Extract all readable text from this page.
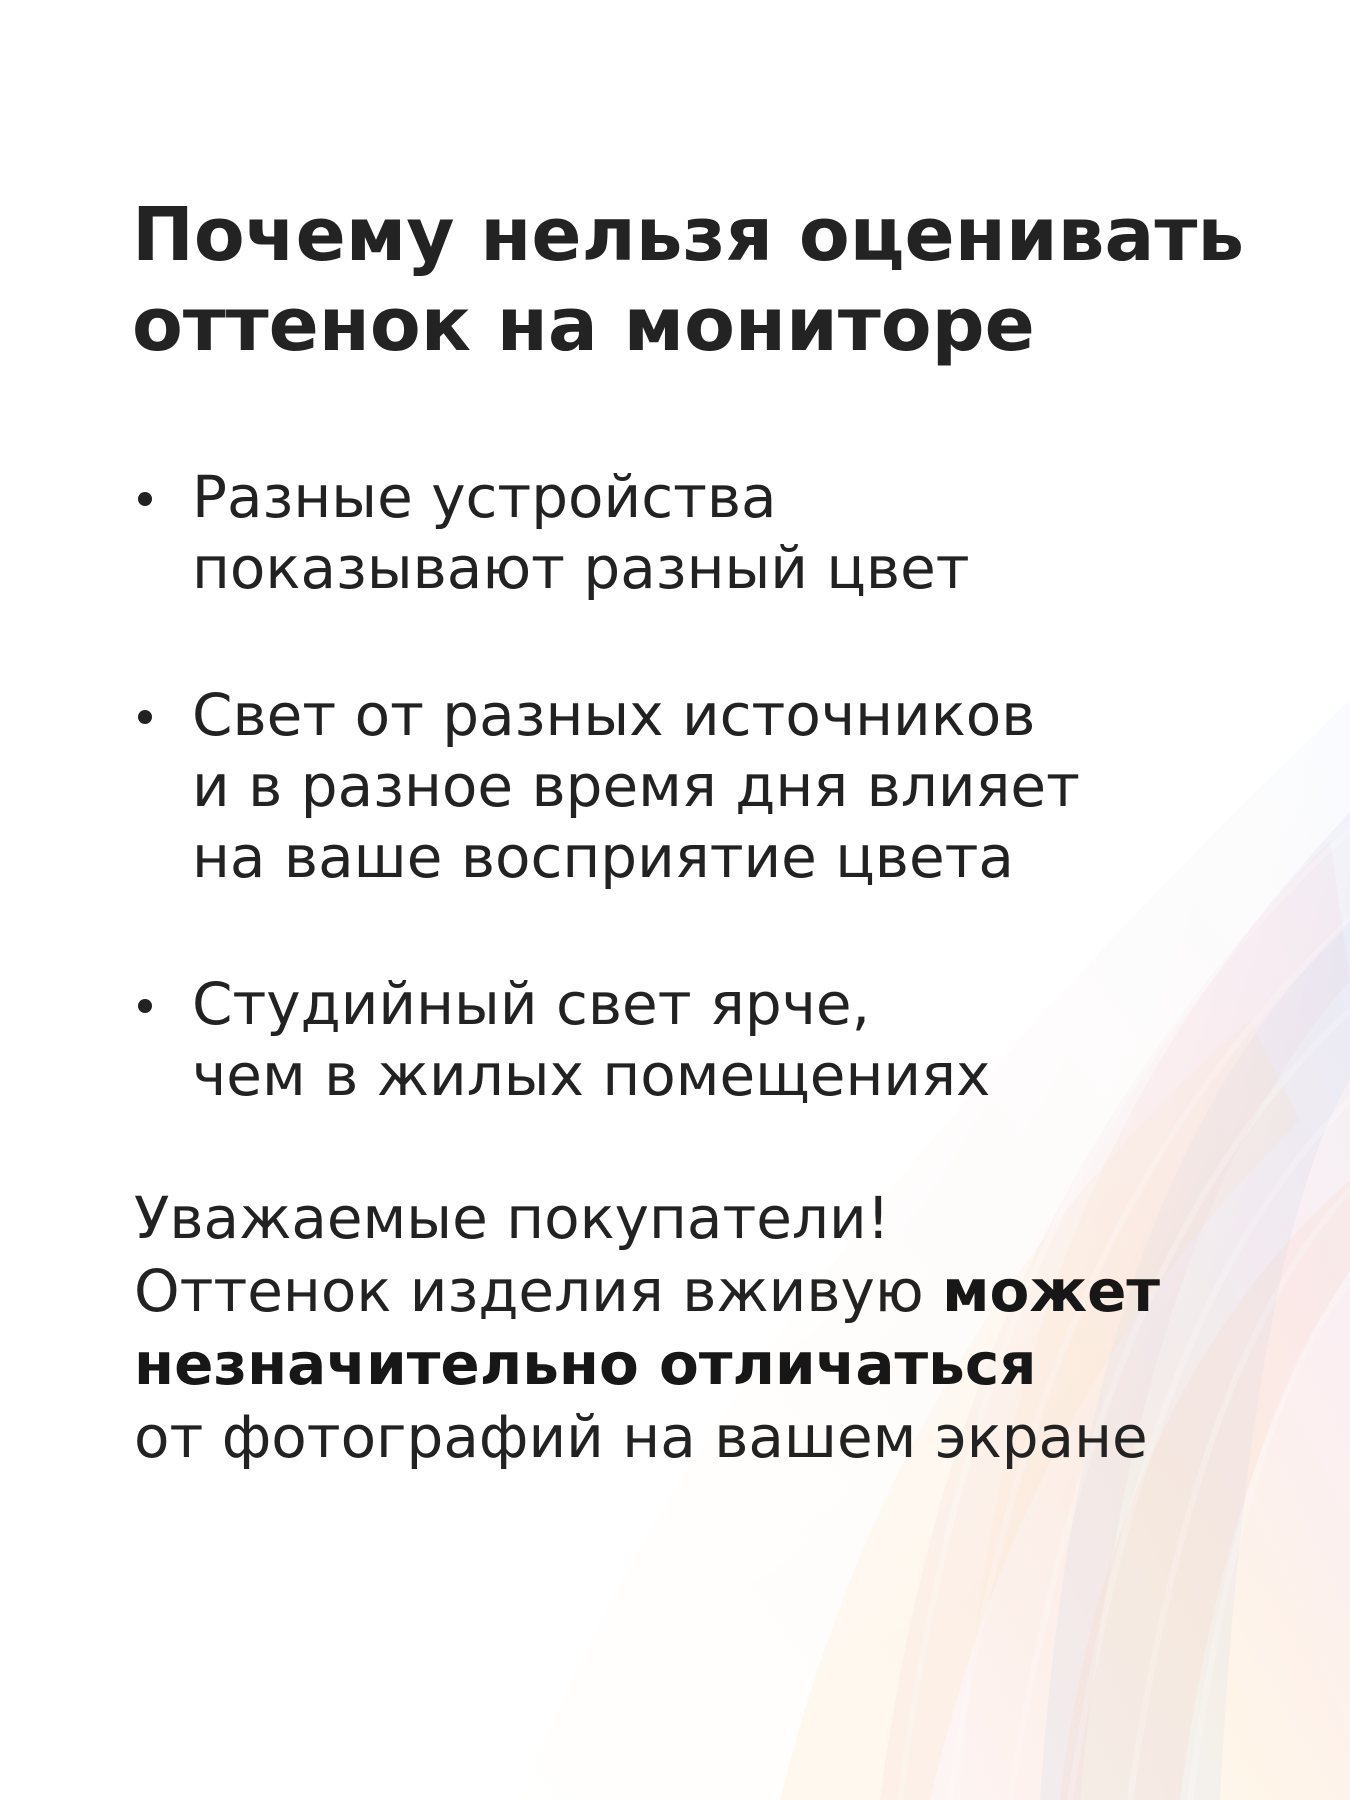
Почему нельзя оценивать
оттенок на мониторе
Разные устройства
показывают разный цвет
Свет от разных источников
и в разное время дня влияет
на ваше восприятие цвета
Студийный свет ярче,
чем в жилых помещениях
Уважаемые покупатели!
Оттенок изделия вживую может
незначительно отличаться
от фотографий на вашем экране
